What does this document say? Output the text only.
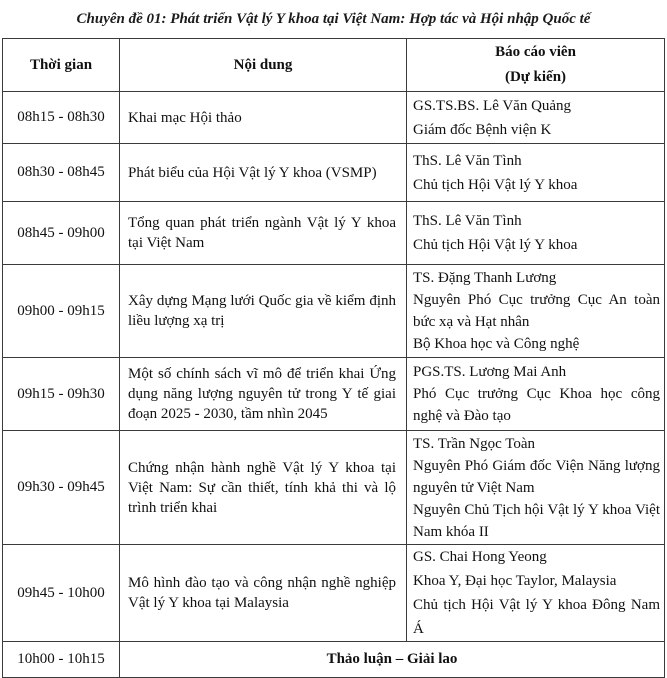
Chuyên đề 01: Phát triển Vật lý Y khoa tại Việt Nam: Hợp tác và Hội nhập Quốc tế
Thời gian	Nội dung	Báo cáo viên
(Dự kiến)

08h15 - 08h30	Khai mạc Hội thảo	GS.TS.BS. Lê Văn Quảng
Giám đốc Bệnh viện K

08h30 - 08h45	Phát biểu của Hội Vật lý Y khoa (VSMP)	ThS. Lê Văn Tình
Chủ tịch Hội Vật lý Y khoa

08h45 - 09h00	Tổng quan phát triển ngành Vật lý Y khoa tại Việt Nam	ThS. Lê Văn Tình
Chủ tịch Hội Vật lý Y khoa

09h00 - 09h15	Xây dựng Mạng lưới Quốc gia về kiểm định liều lượng xạ trị	TS. Đặng Thanh Lương
Nguyên Phó Cục trưởng Cục An toàn bức xạ và Hạt nhân
Bộ Khoa học và Công nghệ

09h15 - 09h30	Một số chính sách vĩ mô để triển khai Ứng dụng năng lượng nguyên tử trong Y tế giai đoạn 2025 - 2030, tầm nhìn 2045	PGS.TS. Lương Mai Anh
Phó Cục trưởng Cục Khoa học công nghệ và Đào tạo

09h30 - 09h45	Chứng nhận hành nghề Vật lý Y khoa tại Việt Nam: Sự cần thiết, tính khả thi và lộ trình triển khai	TS. Trần Ngọc Toàn
Nguyên Phó Giám đốc Viện Năng lượng nguyên tử Việt Nam
Nguyên Chủ Tịch hội Vật lý Y khoa Việt Nam khóa II

09h45 - 10h00	Mô hình đào tạo và công nhận nghề nghiệp Vật lý Y khoa tại Malaysia	GS. Chai Hong Yeong
Khoa Y, Đại học Taylor, Malaysia
Chủ tịch Hội Vật lý Y khoa Đông Nam Á

10h00 - 10h15	Thảo luận – Giải lao	
